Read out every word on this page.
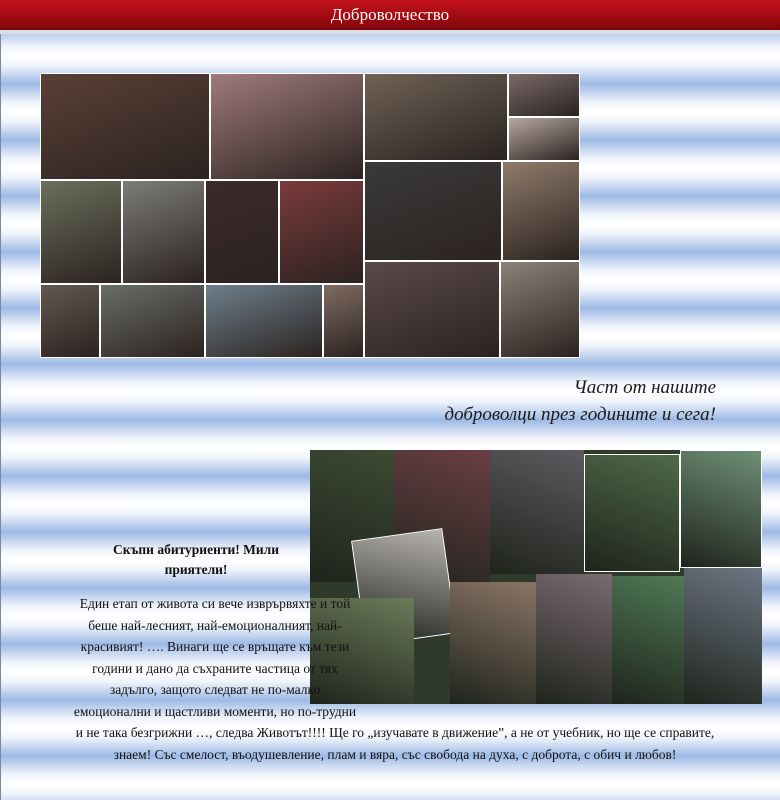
Доброволчество
Част от нашите
доброволци през годините и сега!
Скъпи абитуриенти! Мили приятели!
Един етап от живота си вече изврървяхте и той беше най-лесният, най-емоционалният, най-красивият! …. Винаги ще се връщате към тези години и дано да съхраните частица от тях задълго, защото следват не по-малко емоционални и щастливи моменти, но по-трудни и не така безгрижни …, следва Животът!!!! Ще го „изучавате в движение”, а не от учебник, но ще се справите, знаем! Със смелост, въодушевление, плам и вяра, със свобода на духа, с доброта, с обич и любов!
